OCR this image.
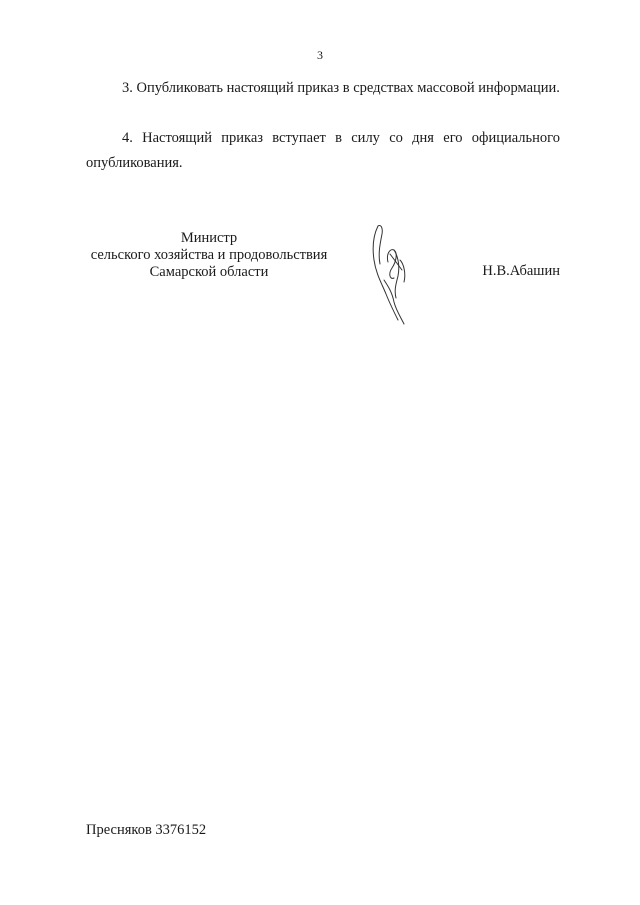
3

3. Опубликовать настоящий приказ в средствах массовой информации.

4. Настоящий приказ вступает в силу со дня его официального опубликования.

Министр
сельского хозяйства и продовольствия
Самарской области	Н.В.Абашин
Пресняков 3376152
